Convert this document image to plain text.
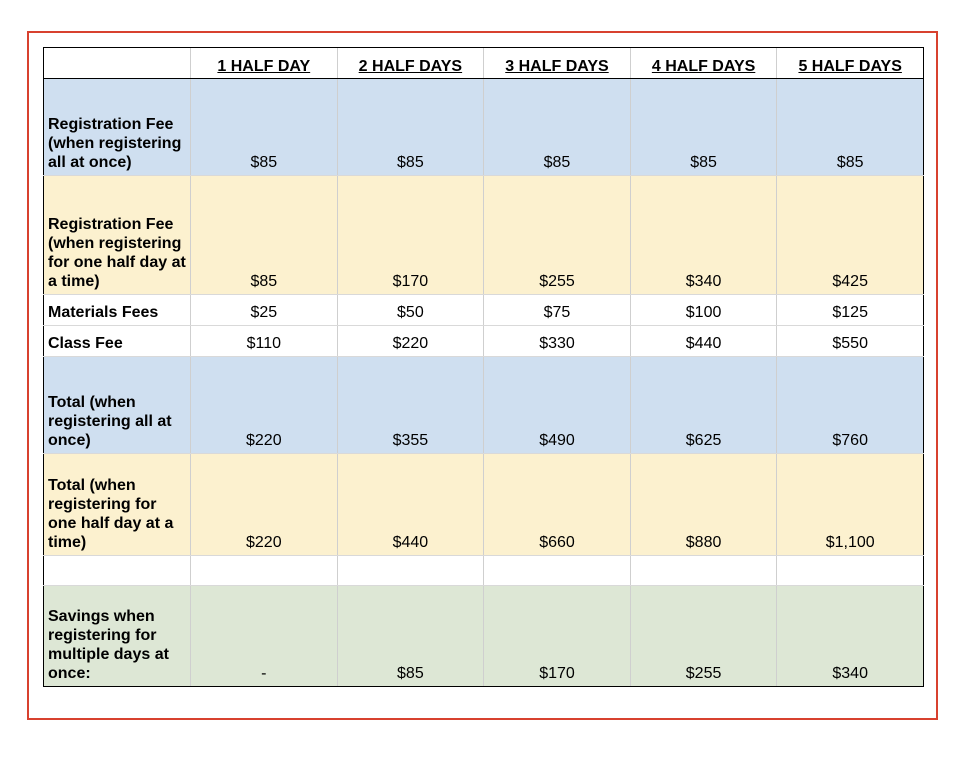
	1 HALF DAY	2 HALF DAYS	3 HALF DAYS	4 HALF DAYS	5 HALF DAYS
Registration Fee (when registering all at once)	$85	$85	$85	$85	$85
Registration Fee (when registering for one half day at a time)	$85	$170	$255	$340	$425
Materials Fees	$25	$50	$75	$100	$125
Class Fee	$110	$220	$330	$440	$550
Total (when registering all at once)	$220	$355	$490	$625	$760
Total (when registering for one half day at a time)	$220	$440	$660	$880	$1,100

Savings when registering for multiple days at once:	-	$85	$170	$255	$340
